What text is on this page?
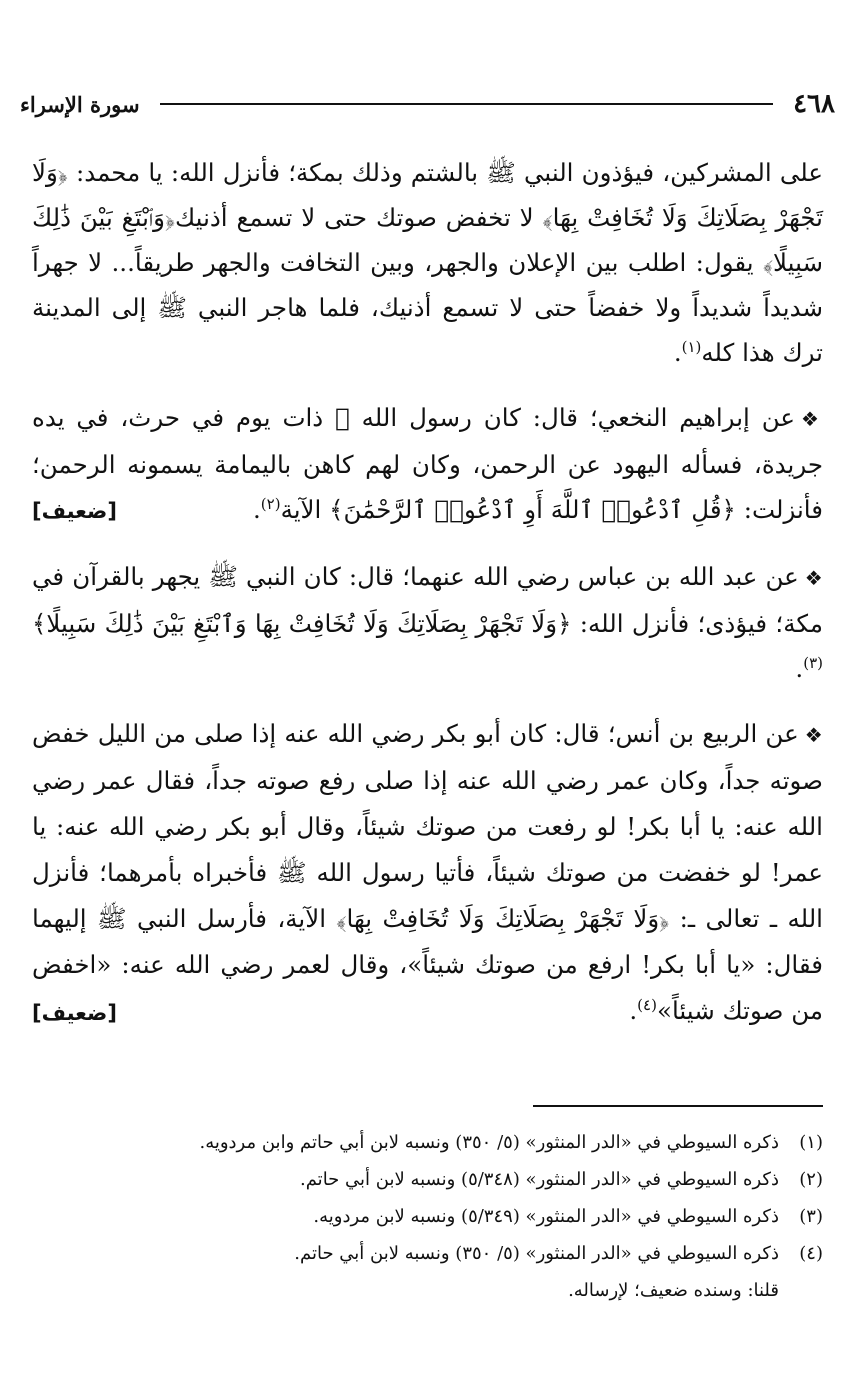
٤٦٨
سورة الإسراء

على المشركين، فيؤذون النبي ﷺ بالشتم وذلك بمكة؛ فأنزل الله: يا محمد: ﴿وَلَا تَجْهَرْ بِصَلَاتِكَ وَلَا تُخَافِتْ بِهَا﴾ لا تخفض صوتك حتى لا تسمع أذنيك﴿وَٱبْتَغِ بَيْنَ ذَٰلِكَ سَبِيلًا﴾ يقول: اطلب بين الإعلان والجهر، وبين التخافت والجهر طريقاً... لا جهراً شديداً شديداً ولا خفضاً حتى لا تسمع أذنيك، فلما هاجر النبي ﷺ إلى المدينة ترك هذا كله$^{(١)}$.

❖عن إبراهيم النخعي؛ قال: كان رسول الله ﷺ ذات يوم في حرث، في يده جريدة، فسأله اليهود عن الرحمن، وكان لهم كاهن باليمامة يسمونه الرحمن؛ فأنزلت: ﴿قُلِ ٱدْعُوا۟ ٱللَّهَ أَوِ ٱدْعُوا۟ ٱلرَّحْمَٰنَ﴾ الآية$^{(٢)}$.
[ضعيف]

❖عن عبد الله بن عباس رضي الله عنهما؛ قال: كان النبي ﷺ يجهر بالقرآن في مكة؛ فيؤذى؛ فأنزل الله: ﴿وَلَا تَجْهَرْ بِصَلَاتِكَ وَلَا تُخَافِتْ بِهَا وَٱبْتَغِ بَيْنَ ذَٰلِكَ سَبِيلًا﴾$^{(٣)}$.

❖عن الربيع بن أنس؛ قال: كان أبو بكر رضي الله عنه إذا صلى من الليل خفض صوته جداً، وكان عمر رضي الله عنه إذا صلى رفع صوته جداً، فقال عمر رضي الله عنه: يا أبا بكر! لو رفعت من صوتك شيئاً، وقال أبو بكر رضي الله عنه: يا عمر! لو خفضت من صوتك شيئاً، فأتيا رسول الله ﷺ فأخبراه بأمرهما؛ فأنزل الله ـ تعالى ـ: ﴿وَلَا تَجْهَرْ بِصَلَاتِكَ وَلَا تُخَافِتْ بِهَا﴾ الآية، فأرسل النبي ﷺ إليهما فقال: «يا أبا بكر! ارفع من صوتك شيئاً»، وقال لعمر رضي الله عنه: «اخفض من صوتك شيئاً»$^{(٤)}$.
[ضعيف]

(١)
ذكره السيوطي في «الدر المنثور» (٥/ ٣٥٠) ونسبه لابن أبي حاتم وابن مردويه.
(٢)
ذكره السيوطي في «الدر المنثور» (٥/٣٤٨) ونسبه لابن أبي حاتم.
(٣)
ذكره السيوطي في «الدر المنثور» (٥/٣٤٩) ونسبه لابن مردويه.
(٤)
ذكره السيوطي في «الدر المنثور» (٥/ ٣٥٠) ونسبه لابن أبي حاتم.
قلنا: وسنده ضعيف؛ لإرساله.
